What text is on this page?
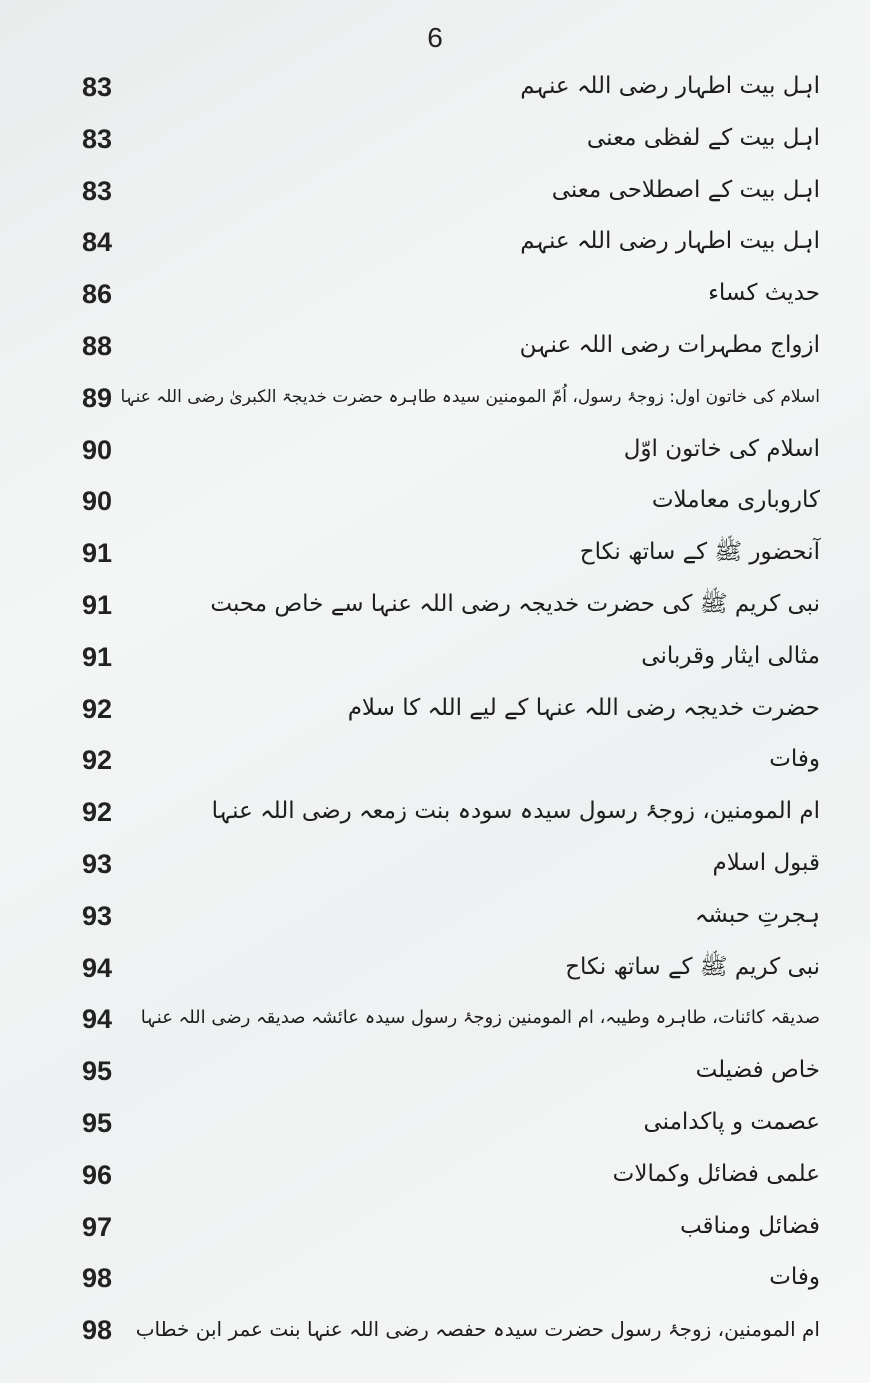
6
83	اہل بیت اطہار رضی اللہ عنہم
83	اہل بیت کے لفظی معنی
83	اہل بیت کے اصطلاحی معنی
84	اہل بیت اطہار رضی اللہ عنہم
86	حدیث کساء
88	ازواج مطہرات رضی اللہ عنہن
89 اسلام کی خاتون اول: زوجۂ رسول، اُمّ المومنین سیدہ طاہرہ حضرت خدیجۃ الکبریٰ رضی اللہ عنہا
90	اسلام کی خاتون اوّل
90	کاروباری معاملات
91	آنحضور ﷺ کے ساتھ نکاح
91	نبی کریم ﷺ کی حضرت خدیجہ رضی اللہ عنہا سے خاص محبت
91	مثالی ایثار وقربانی
92	حضرت خدیجہ رضی اللہ عنہا کے لیے اللہ کا سلام
92	وفات
92	ام المومنین، زوجۂ رسول سیدہ سودہ بنت زمعہ رضی اللہ عنہا
93	قبول اسلام
93	ہجرتِ حبشہ
94	نبی کریم ﷺ کے ساتھ نکاح
94 صدیقہ کائنات، طاہرہ وطیبہ، ام المومنین زوجۂ رسول سیدہ عائشہ صدیقہ رضی اللہ عنہا
95	خاص فضیلت
95	عصمت و پاکدامنی
96	علمی فضائل وکمالات
97	فضائل ومناقب
98	وفات
98 ام المومنین، زوجۂ رسول حضرت سیدہ حفصہ رضی اللہ عنہا بنت عمر ابن خطاب
